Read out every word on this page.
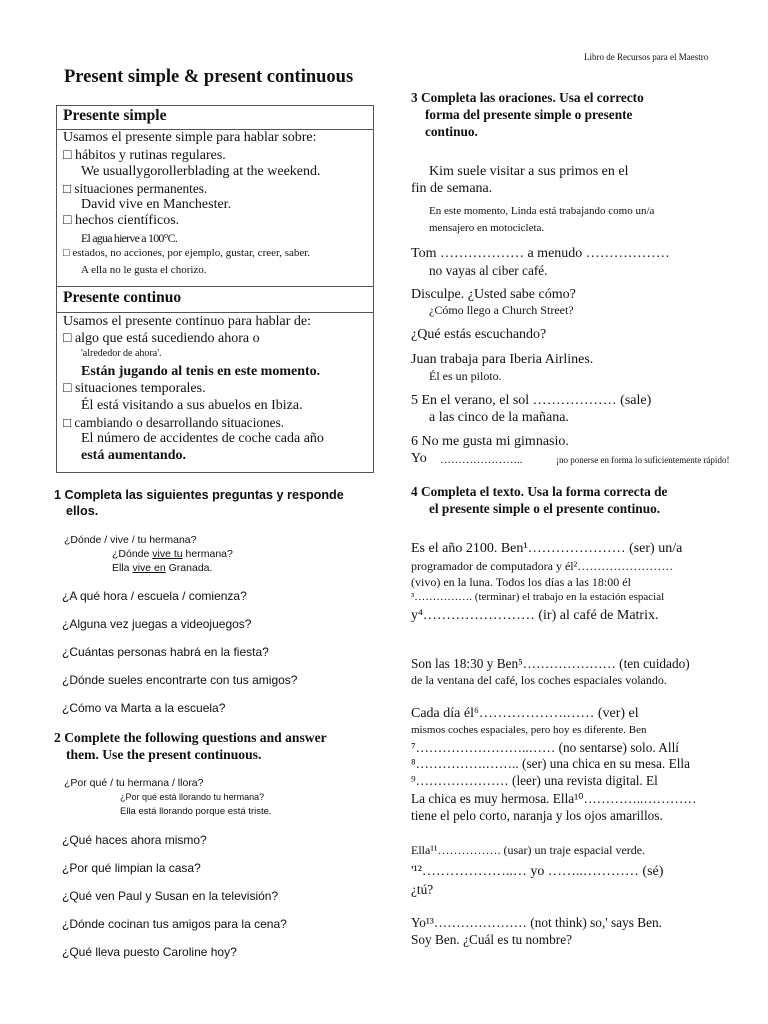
Libro de Recursos para el Maestro
Present simple & present continuous
Presente simple
Usamos el presente simple para hablar sobre:
□ hábitos y rutinas regulares.
We usuallygorollerblading at the weekend.
□ situaciones permanentes.
David vive en Manchester.
□ hechos científicos.
El agua hierve a 100°C.
□ estados, no acciones, por ejemplo, gustar, creer, saber.
A ella no le gusta el chorizo.
Presente continuo
Usamos el presente continuo para hablar de:
□ algo que está sucediendo ahora o
'alrededor de ahora'.
Están jugando al tenis en este momento.
□ situaciones temporales.
Él está visitando a sus abuelos en Ibiza.
□ cambiando o desarrollando situaciones.
El número de accidentes de coche cada año
está aumentando.
1 Completa las siguientes preguntas y responde
ellos.
¿Dónde / vive / tu hermana?
¿Dónde vive tu hermana?
Ella vive en Granada.
¿A qué hora / escuela / comienza?
¿Alguna vez juegas a videojuegos?
¿Cuántas personas habrá en la fiesta?
¿Dónde sueles encontrarte con tus amigos?
¿Cómo va Marta a la escuela?
2 Complete the following questions and answer
them. Use the present continuous.
¿Por qué / tu hermana / llora?
¿Por qué está llorando tu hermana?
Ella está llorando porque está triste.
¿Qué haces ahora mismo?
¿Por qué limpian la casa?
¿Qué ven Paul y Susan en la televisión?
¿Dónde cocinan tus amigos para la cena?
¿Qué lleva puesto Caroline hoy?
3 Completa las oraciones. Usa el correcto
forma del presente simple o presente
continuo.
Kim suele visitar a sus primos en el
fin de semana.
En este momento, Linda está trabajando como un/a
mensajero en motocicleta.
Tom ……………… a menudo ………………
no vayas al ciber café.
Disculpe. ¿Usted sabe cómo?
¿Cómo llego a Church Street?
¿Qué estás escuchando?
Juan trabaja para Iberia Airlines.
Él es un piloto.
5 En el verano, el sol ……………… (sale)
a las cinco de la mañana.
6 No me gusta mi gimnasio.
Yo …………………..	¡no ponerse en forma lo suficientemente rápido!
4 Completa el texto. Usa la forma correcta de
el presente simple o el presente continuo.
Es el año 2100. Ben¹………………… (ser) un/a
programador de computadora y él²……………………
(vivo) en la luna. Todos los días a las 18:00 él
³……………. (terminar) el trabajo en la estación espacial
y⁴…………………… (ir) al café de Matrix.
Son las 18:30 y Ben⁵………………… (ten cuidado)
de la ventana del café, los coches espaciales volando.
Cada día él⁶……………….…… (ver) el
mismos coches espaciales, pero hoy es diferente. Ben
⁷……………………..…… (no sentarse) solo. Allí
⁸…………….…….. (ser) una chica en su mesa. Ella
⁹………………… (leer) una revista digital. El
La chica es muy hermosa. Ella¹⁰…………..…………
tiene el pelo corto, naranja y los ojos amarillos.
Ella¹¹……………. (usar) un traje espacial verde.
'¹²………………..… yo ……..………… (sé)
¿tú?
Yo¹³………………… (not think) so,' says Ben.
Soy Ben. ¿Cuál es tu nombre?
